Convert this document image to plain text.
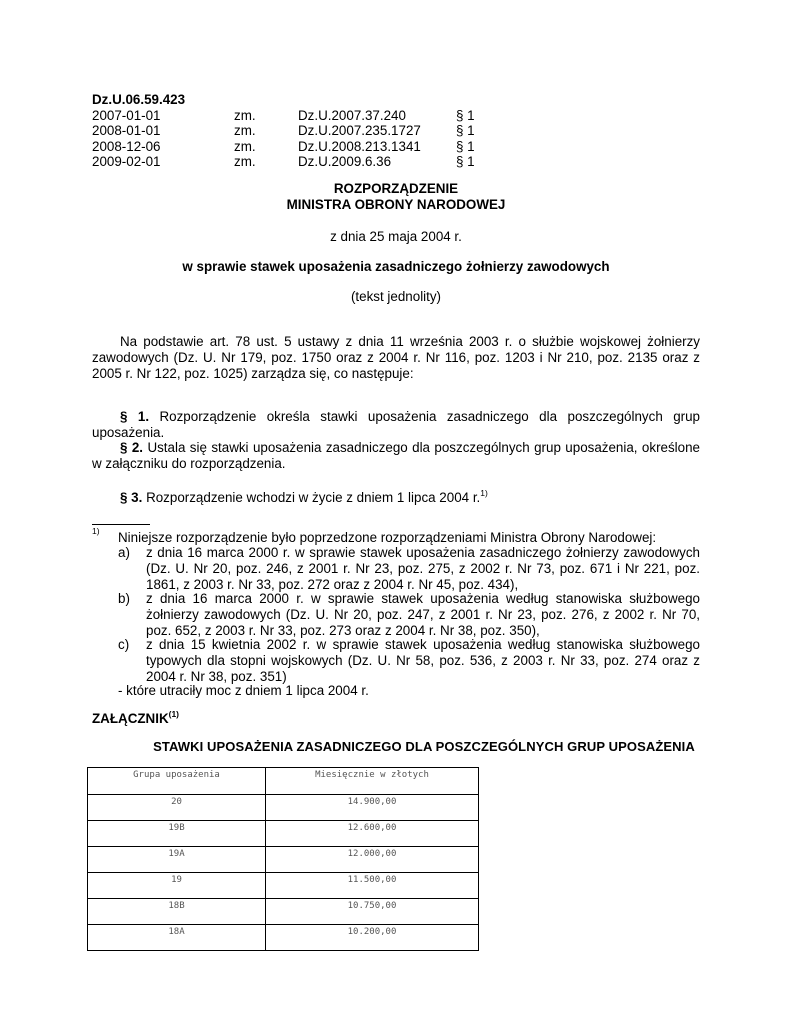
Dz.U.06.59.423
2007-01-01	zm.	Dz.U.2007.37.240	§ 1
2008-01-01	zm.	Dz.U.2007.235.1727	§ 1
2008-12-06	zm.	Dz.U.2008.213.1341	§ 1
2009-02-01	zm.	Dz.U.2009.6.36	§ 1
ROZPORZĄDZENIE
MINISTRA OBRONY NARODOWEJ
z dnia 25 maja 2004 r.
w sprawie stawek uposażenia zasadniczego żołnierzy zawodowych
(tekst jednolity)
Na podstawie art. 78 ust. 5 ustawy z dnia 11 września 2003 r. o służbie wojskowej żołnierzy zawodowych (Dz. U. Nr 179, poz. 1750 oraz z 2004 r. Nr 116, poz. 1203 i Nr 210, poz. 2135 oraz z 2005 r. Nr 122, poz. 1025) zarządza się, co następuje:
§ 1. Rozporządzenie określa stawki uposażenia zasadniczego dla poszczególnych grup uposażenia.
§ 2. Ustala się stawki uposażenia zasadniczego dla poszczególnych grup uposażenia, określone w załączniku do rozporządzenia.
§ 3. Rozporządzenie wchodzi w życie z dniem 1 lipca 2004 r.$^{1)}$
1) Niniejsze rozporządzenie było poprzedzone rozporządzeniami Ministra Obrony Narodowej:
a) z dnia 16 marca 2000 r. w sprawie stawek uposażenia zasadniczego żołnierzy zawodowych (Dz. U. Nr 20, poz. 246, z 2001 r. Nr 23, poz. 275, z 2002 r. Nr 73, poz. 671 i Nr 221, poz. 1861, z 2003 r. Nr 33, poz. 272 oraz z 2004 r. Nr 45, poz. 434),
b) z dnia 16 marca 2000 r. w sprawie stawek uposażenia według stanowiska służbowego żołnierzy zawodowych (Dz. U. Nr 20, poz. 247, z 2001 r. Nr 23, poz. 276, z 2002 r. Nr 70, poz. 652, z 2003 r. Nr 33, poz. 273 oraz z 2004 r. Nr 38, poz. 350),
c) z dnia 15 kwietnia 2002 r. w sprawie stawek uposażenia według stanowiska służbowego typowych dla stopni wojskowych (Dz. U. Nr 58, poz. 536, z 2003 r. Nr 33, poz. 274 oraz z 2004 r. Nr 38, poz. 351)
- które utraciły moc z dniem 1 lipca 2004 r.
ZAŁĄCZNIK$^{(1)}$
STAWKI UPOSAŻENIA ZASADNICZEGO DLA POSZCZEGÓLNYCH GRUP UPOSAŻENIA
Grupa uposażenia	Miesięcznie w złotych
20	14.900,00
19B	12.600,00
19A	12.000,00
19	11.500,00
18B	10.750,00
18A	10.200,00
